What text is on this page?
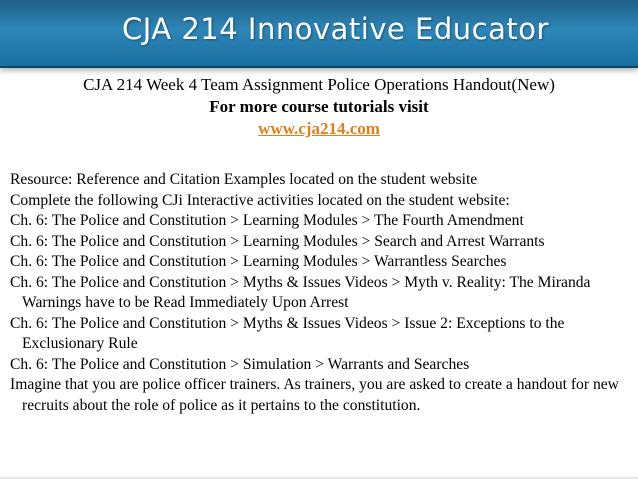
CJA 214 Innovative Educator
CJA 214 Week 4 Team Assignment Police Operations Handout(New)
For more course tutorials visit
www.cja214.com
Resource: Reference and Citation Examples located on the student website
Complete the following CJi Interactive activities located on the student website:
Ch. 6: The Police and Constitution > Learning Modules > The Fourth Amendment
Ch. 6: The Police and Constitution > Learning Modules > Search and Arrest Warrants
Ch. 6: The Police and Constitution > Learning Modules > Warrantless Searches
Ch. 6: The Police and Constitution > Myths & Issues Videos > Myth v. Reality: The Miranda Warnings have to be Read Immediately Upon Arrest
Ch. 6: The Police and Constitution > Myths & Issues Videos > Issue 2: Exceptions to the Exclusionary Rule
Ch. 6: The Police and Constitution > Simulation > Warrants and Searches
Imagine that you are police officer trainers. As trainers, you are asked to create a handout for new recruits about the role of police as it pertains to the constitution.
